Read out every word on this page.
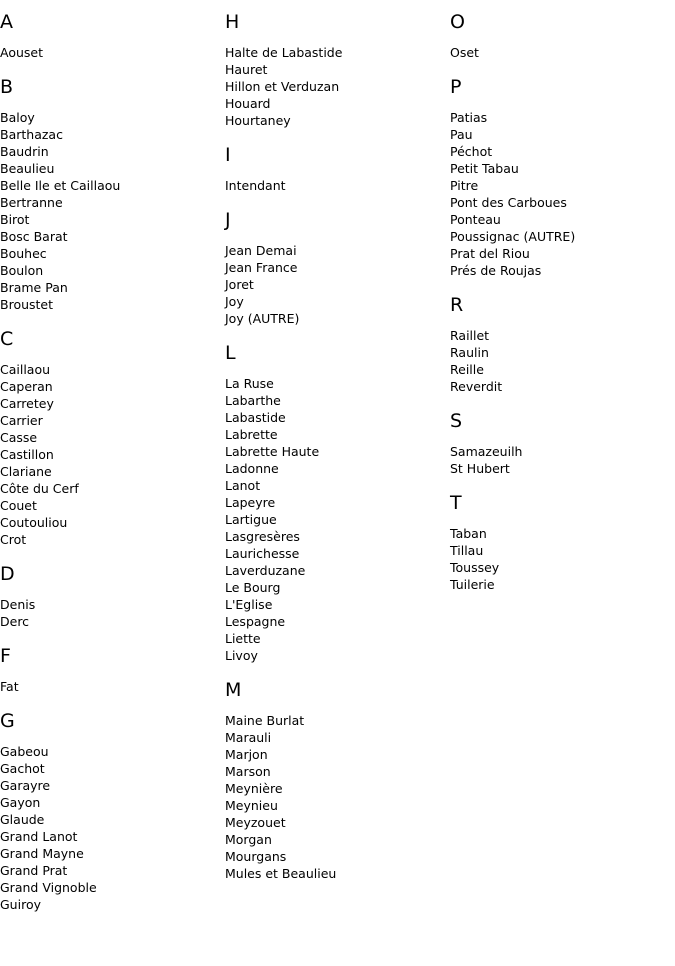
A
Aouset
B
Baloy
Barthazac
Baudrin
Beaulieu
Belle Ile et Caillaou
Bertranne
Birot
Bosc Barat
Bouhec
Boulon
Brame Pan
Broustet
C
Caillaou
Caperan
Carretey
Carrier
Casse
Castillon
Clariane
Côte du Cerf
Couet
Coutouliou
Crot
D
Denis
Derc
F
Fat
G
Gabeou
Gachot
Garayre
Gayon
Glaude
Grand Lanot
Grand Mayne
Grand Prat
Grand Vignoble
Guiroy
H
Halte de Labastide
Hauret
Hillon et Verduzan
Houard
Hourtaney
I
Intendant
J
Jean Demai
Jean France
Joret
Joy
Joy (AUTRE)
L
La Ruse
Labarthe
Labastide
Labrette
Labrette Haute
Ladonne
Lanot
Lapeyre
Lartigue
Lasgresères
Laurichesse
Laverduzane
Le Bourg
L'Eglise
Lespagne
Liette
Livoy
M
Maine Burlat
Marauli
Marjon
Marson
Meynière
Meynieu
Meyzouet
Morgan
Mourgans
Mules et Beaulieu
O
Oset
P
Patias
Pau
Péchot
Petit Tabau
Pitre
Pont des Carboues
Ponteau
Poussignac (AUTRE)
Prat del Riou
Prés de Roujas
R
Raillet
Raulin
Reille
Reverdit
S
Samazeuilh
St Hubert
T
Taban
Tillau
Toussey
Tuilerie
